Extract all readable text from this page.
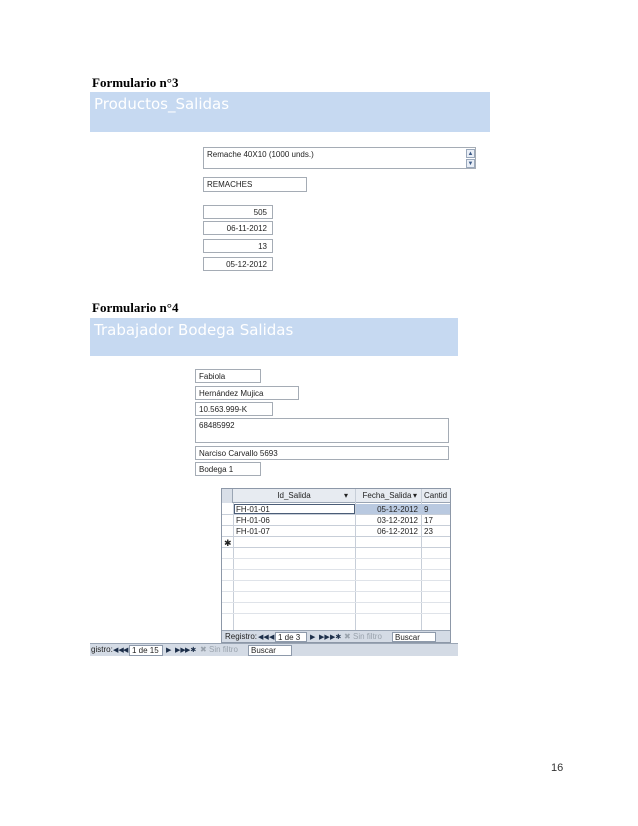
Formulario n°3
Productos_Salidas
Remache 40X10 (1000 unds.)	▲
▼
REMACHES
505
06-11-2012
13
05-12-2012
Formulario n°4
Trabajador Bodega Salidas
Fabiola
Hernández Mujica
10.563.999-K
68485992
Narciso Carvallo 5693
Bodega 1
Id_Salida	▾	Fecha_Salida ▾ Cantid
FH-01-01	05-12-2012 9
FH-01-06	03-12-2012 17
FH-01-07	06-12-2012 23
✱
Registro: ◀◀ ◀ 1 de 3	▶ ▶▶ ▶✱ ✖ Sin filtro	Buscar
gistro: ◀◀ ◀ 1 de 15	▶ ▶▶ ▶✱ ✖ Sin filtro	Buscar
16
